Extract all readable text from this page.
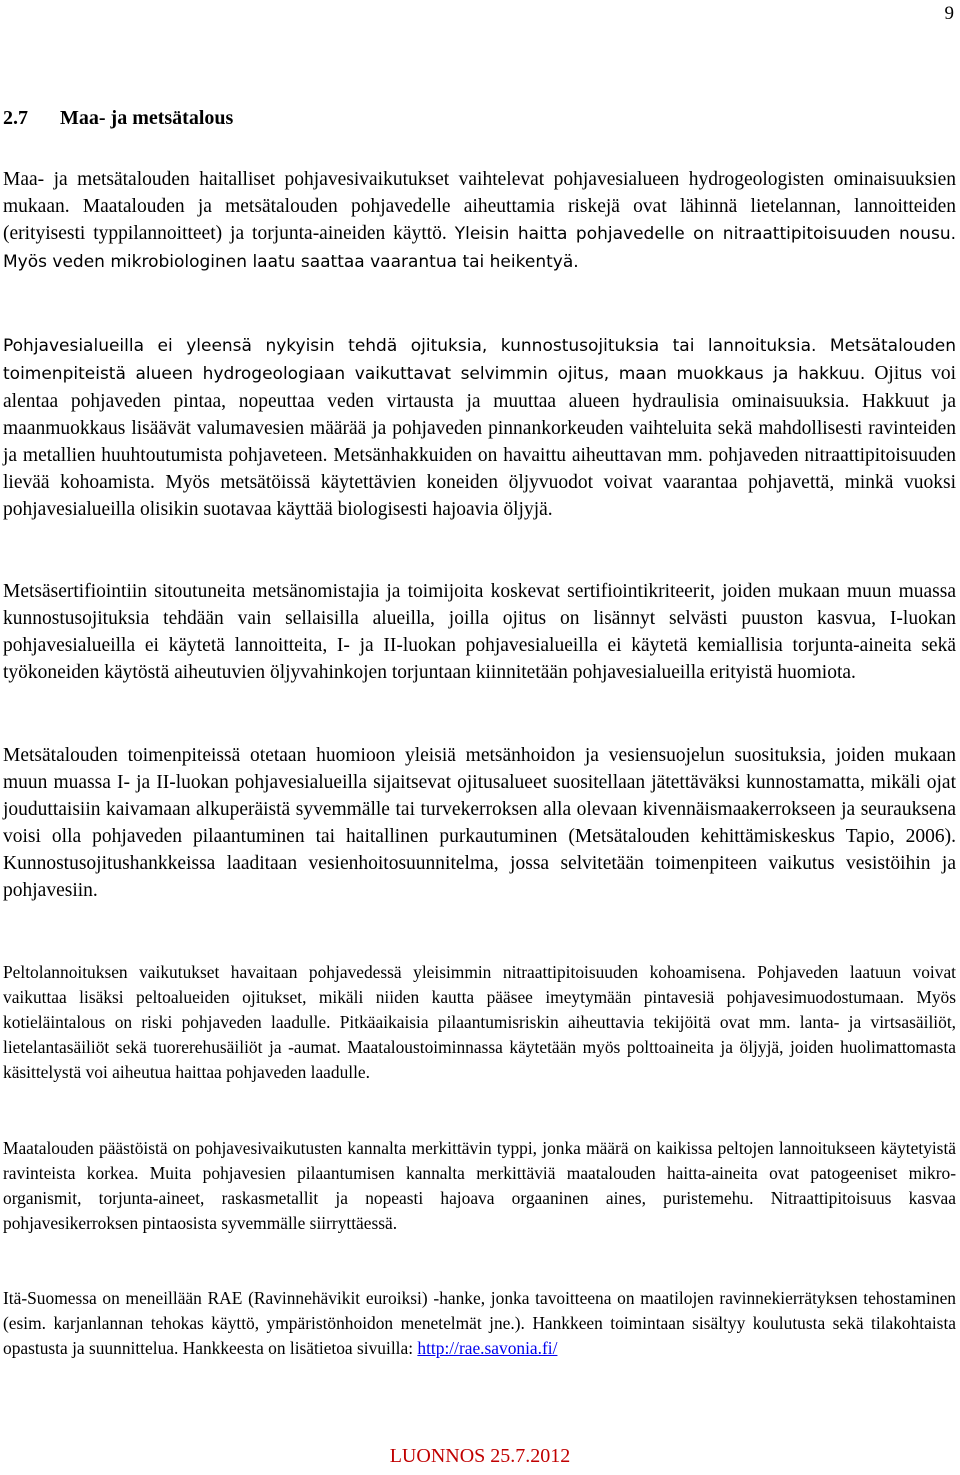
9
2.7 Maa- ja metsätalous

Maa- ja metsätalouden haitalliset pohjavesivaikutukset vaihtelevat pohjavesialueen hydrogeologisten ominaisuuksien mukaan. Maatalouden ja metsätalouden pohjavedelle aiheuttamia riskejä ovat lähinnä lietelannan, lannoitteiden (erityisesti typpilannoitteet) ja torjunta-aineiden käyttö. Yleisin haitta pohjavedelle on nitraattipitoisuuden nousu. Myös veden mikrobiologinen laatu saattaa vaarantua tai heikentyä.

Pohjavesialueilla ei yleensä nykyisin tehdä ojituksia, kunnostusojituksia tai lannoituksia. Metsätalouden toimenpiteistä alueen hydrogeologiaan vaikuttavat selvimmin ojitus, maan muokkaus ja hakkuu. Ojitus voi alentaa pohjaveden pintaa, nopeuttaa veden virtausta ja muuttaa alueen hydraulisia ominaisuuksia. Hakkuut ja maanmuokkaus lisäävät valumavesien määrää ja pohjaveden pinnankorkeuden vaihteluita sekä mahdollisesti ravinteiden ja metallien huuhtoutumista pohjaveteen. Metsänhakkuiden on havaittu aiheuttavan mm. pohjaveden nitraattipitoisuuden lievää kohoamista. Myös metsätöissä käytettävien koneiden öljyvuodot voivat vaarantaa pohjavettä, minkä vuoksi pohjavesialueilla olisikin suotavaa käyttää biologisesti hajoavia öljyjä.

Metsäsertifiointiin sitoutuneita metsänomistajia ja toimijoita koskevat sertifiointikriteerit, joiden mukaan muun muassa kunnostusojituksia tehdään vain sellaisilla alueilla, joilla ojitus on lisännyt selvästi puuston kasvua, I-luokan pohjavesialueilla ei käytetä lannoitteita, I- ja II-luokan pohjavesialueilla ei käytetä kemiallisia torjunta-aineita sekä työkoneiden käytöstä aiheutuvien öljyvahinkojen torjuntaan kiinnitetään pohjavesialueilla erityistä huomiota.

Metsätalouden toimenpiteissä otetaan huomioon yleisiä metsänhoidon ja vesiensuojelun suosituksia, joiden mukaan muun muassa I- ja II-luokan pohjavesialueilla sijaitsevat ojitusalueet suositellaan jätettäväksi kunnostamatta, mikäli ojat jouduttaisiin kaivamaan alkuperäistä syvemmälle tai turvekerroksen alla olevaan kivennäismaakerrokseen ja seurauksena voisi olla pohjaveden pilaantuminen tai haitallinen purkautuminen (Metsätalouden kehittämiskeskus Tapio, 2006). Kunnostusojitushankkeissa laaditaan vesienhoitosuunnitelma, jossa selvitetään toimenpiteen vaikutus vesistöihin ja pohjavesiin.

Peltolannoituksen vaikutukset havaitaan pohjavedessä yleisimmin nitraattipitoisuuden kohoamisena. Pohjaveden laatuun voivat vaikuttaa lisäksi peltoalueiden ojitukset, mikäli niiden kautta pääsee imeytymään pintavesiä pohjavesimuodostumaan. Myös kotieläintalous on riski pohjaveden laadulle. Pitkäaikaisia pilaantumisriskin aiheuttavia tekijöitä ovat mm. lanta- ja virtsasäiliöt, lietelantasäiliöt sekä tuorerehusäiliöt ja -aumat. Maataloustoiminnassa käytetään myös polttoaineita ja öljyjä, joiden huolimattomasta käsittelystä voi aiheutua haittaa pohjaveden laadulle.

Maatalouden päästöistä on pohjavesivaikutusten kannalta merkittävin typpi, jonka määrä on kaikissa peltojen lannoitukseen käytetyistä ravinteista korkea. Muita pohjavesien pilaantumisen kannalta merkittäviä maatalouden haitta-aineita ovat patogeeniset mikro-organismit, torjunta-aineet, raskasmetallit ja nopeasti hajoava orgaaninen aines, puristemehu. Nitraattipitoisuus kasvaa pohjavesikerroksen pintaosista syvemmälle siirryttäessä.

Itä-Suomessa on meneillään RAE (Ravinnehävikit euroiksi) -hanke, jonka tavoitteena on maatilojen ravinnekierrätyksen tehostaminen (esim. karjanlannan tehokas käyttö, ympäristönhoidon menetelmät jne.). Hankkeen toimintaan sisältyy koulutusta sekä tilakohtaista opastusta ja suunnittelua. Hankkeesta on lisätietoa sivuilla: http://rae.savonia.fi/

LUONNOS 25.7.2012
